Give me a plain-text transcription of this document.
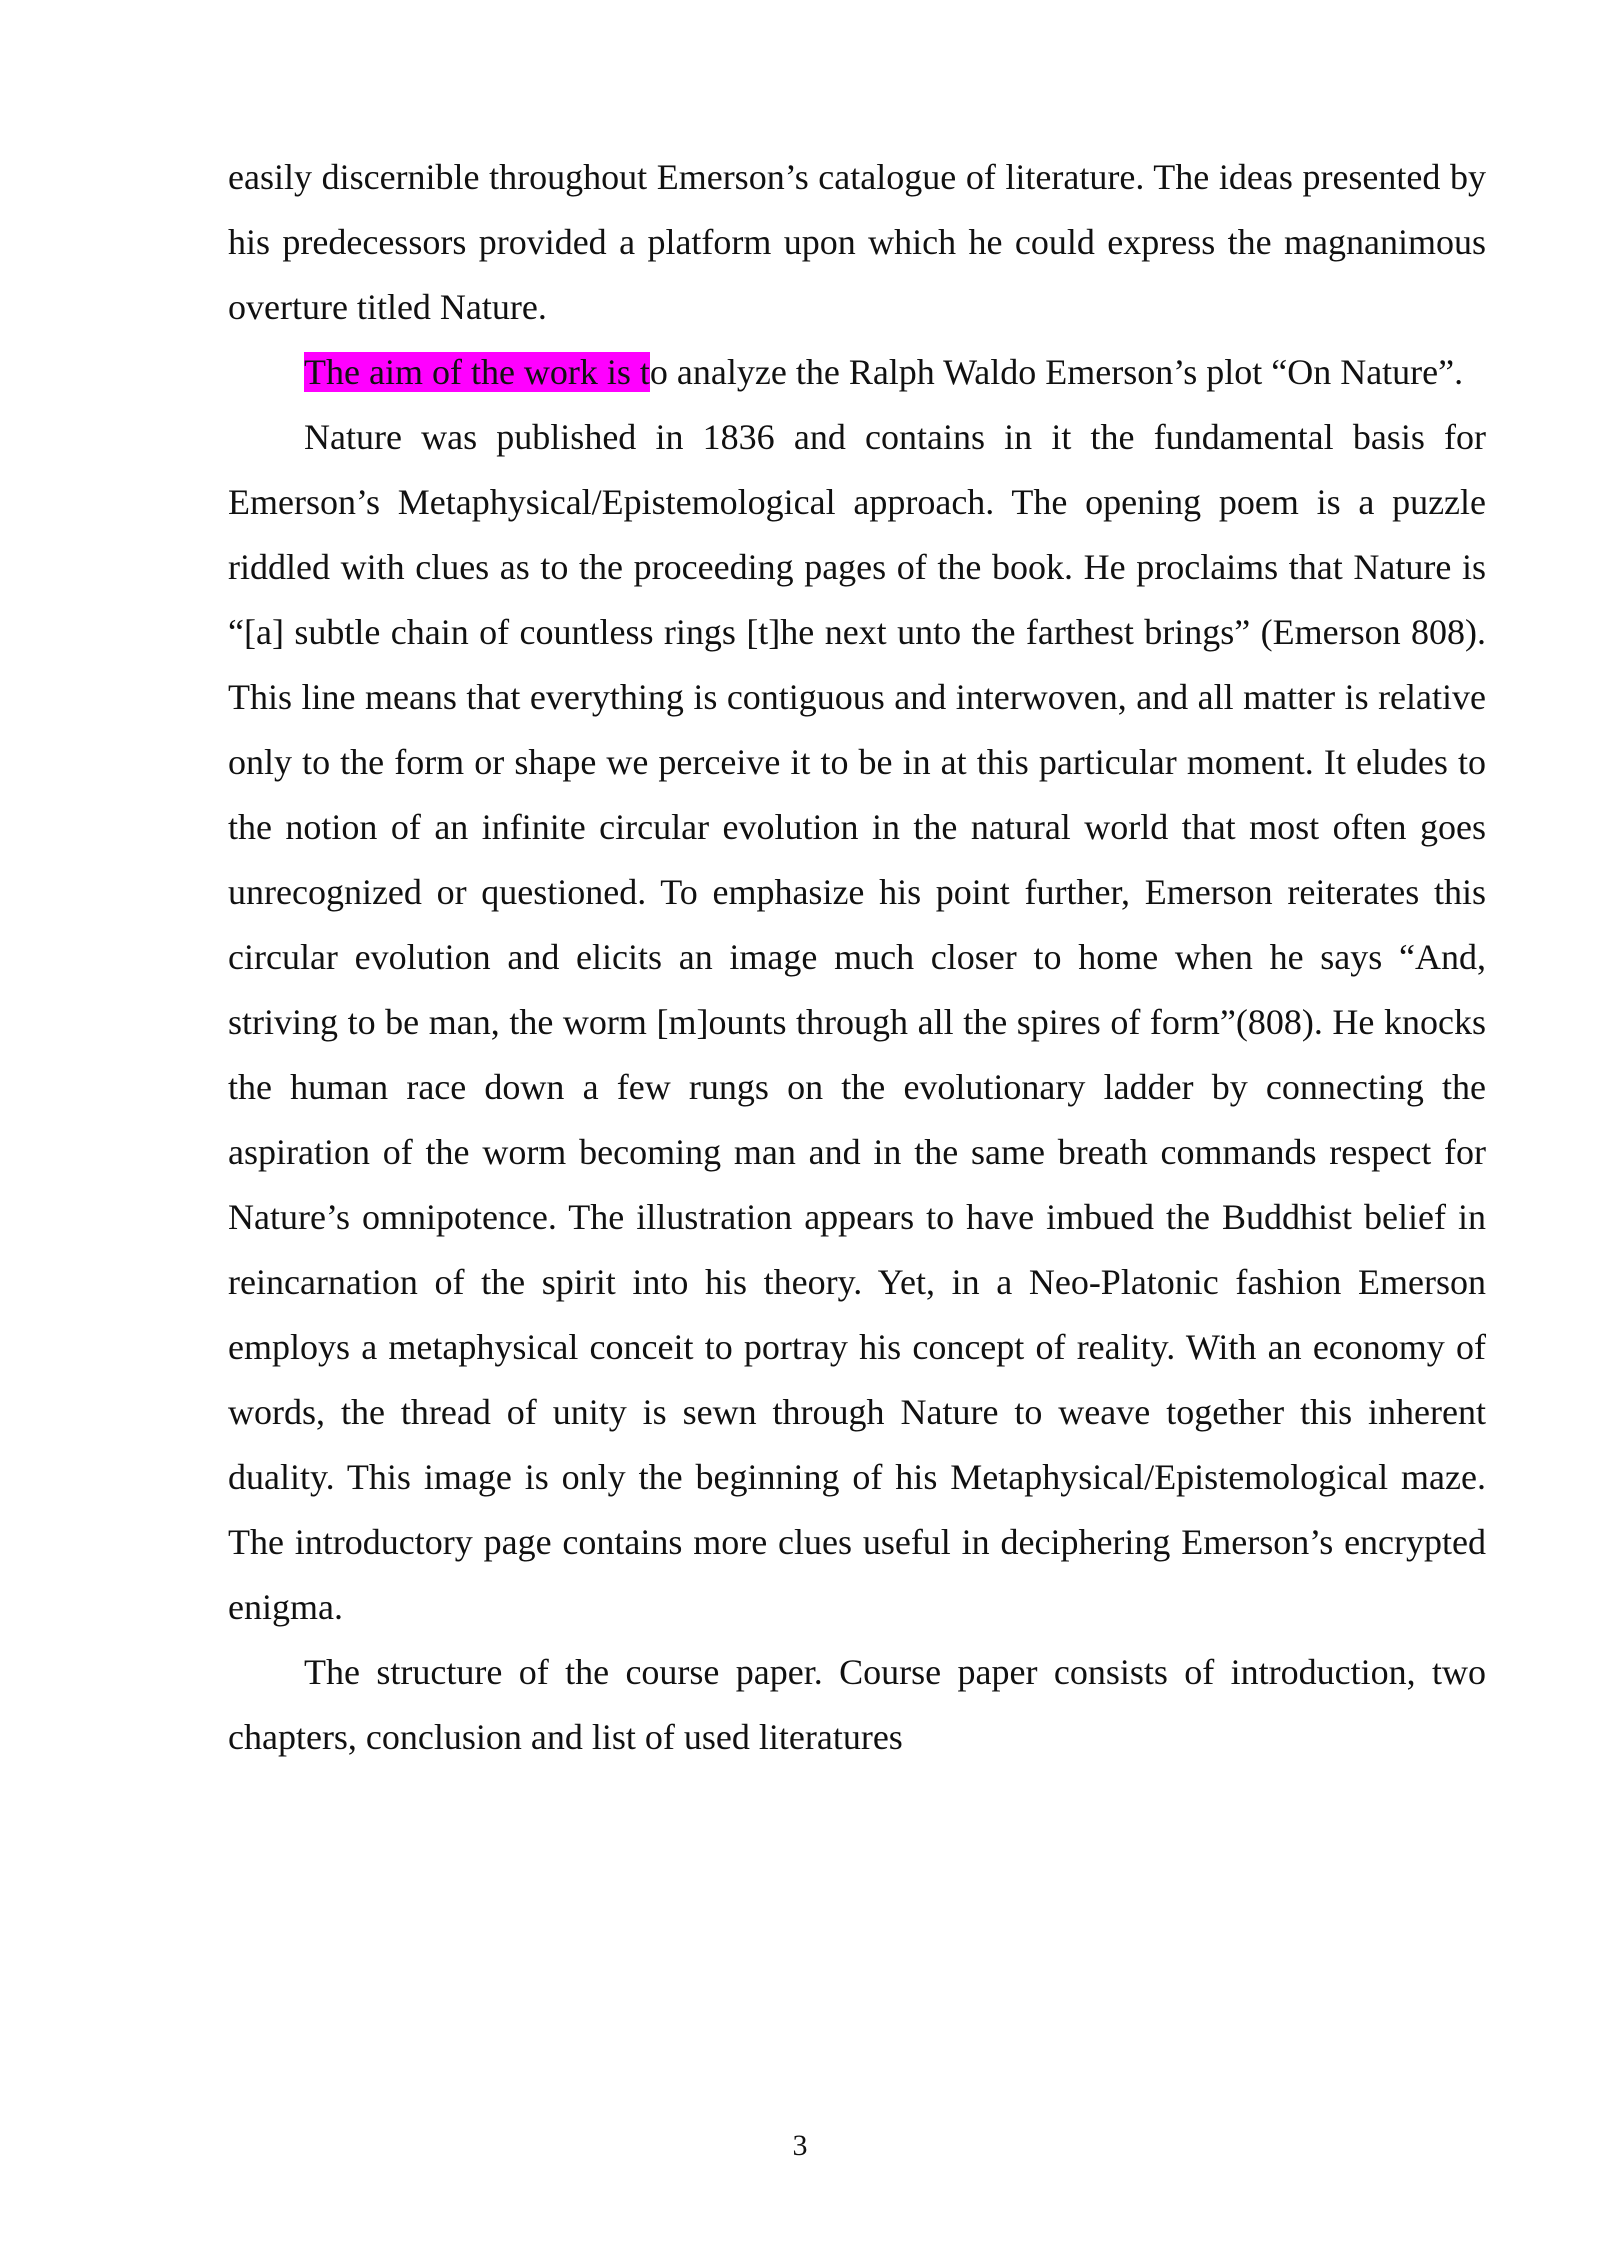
easily discernible throughout Emerson’s catalogue of literature. The ideas presented by his predecessors provided a platform upon which he could express the magnanimous overture titled Nature.

The aim of the work is to analyze the Ralph Waldo Emerson’s plot “On Nature”.

Nature was published in 1836 and contains in it the fundamental basis for Emerson’s Metaphysical/Epistemological approach. The opening poem is a puzzle riddled with clues as to the proceeding pages of the book. He proclaims that Nature is “[a] subtle chain of countless rings [t]he next unto the farthest brings” (Emerson 808). This line means that everything is contiguous and interwoven, and all matter is relative only to the form or shape we perceive it to be in at this particular moment. It eludes to the notion of an infinite circular evolution in the natural world that most often goes unrecognized or questioned. To emphasize his point further, Emerson reiterates this circular evolution and elicits an image much closer to home when he says “And, striving to be man, the worm [m]ounts through all the spires of form”(808). He knocks the human race down a few rungs on the evolutionary ladder by connecting the aspiration of the worm becoming man and in the same breath commands respect for Nature’s omnipotence. The illustration appears to have imbued the Buddhist belief in reincarnation of the spirit into his theory. Yet, in a Neo-Platonic fashion Emerson employs a metaphysical conceit to portray his concept of reality. With an economy of words, the thread of unity is sewn through Nature to weave together this inherent duality. This image is only the beginning of his Metaphysical/Epistemological maze. The introductory page contains more clues useful in deciphering Emerson’s encrypted enigma.

The structure of the course paper. Course paper consists of introduction, two chapters, conclusion and list of used literatures

3
